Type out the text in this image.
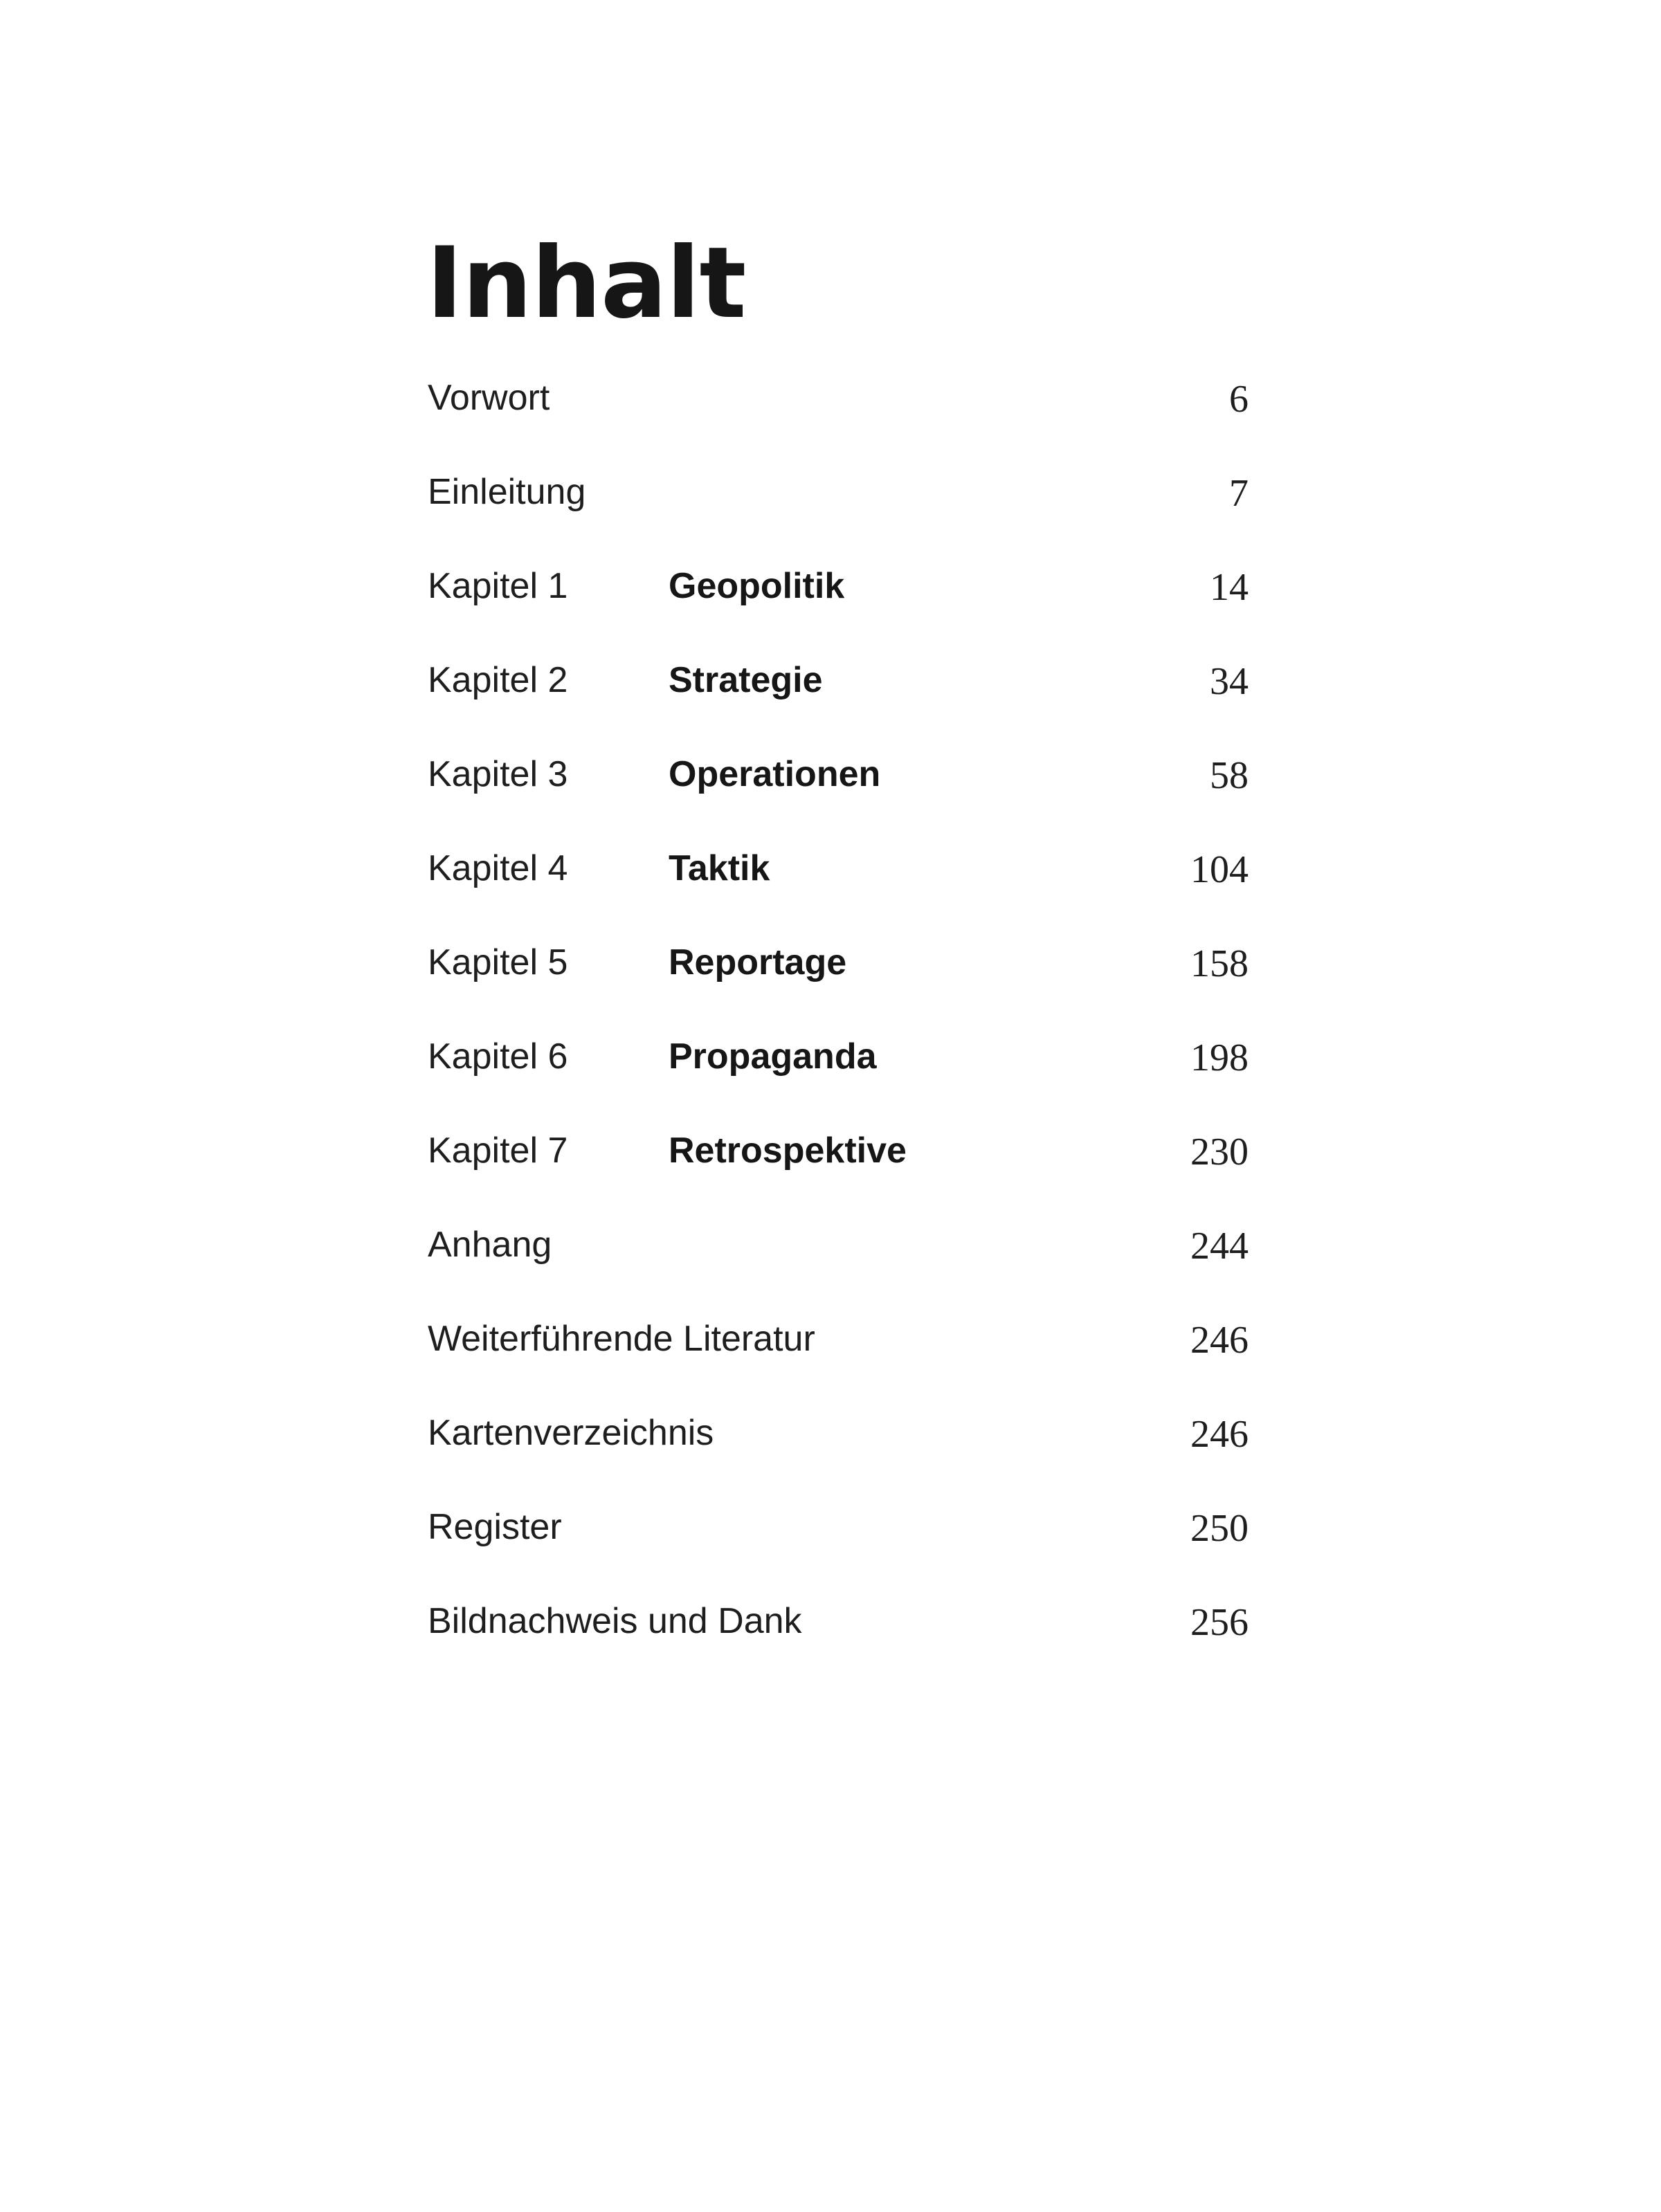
Inhalt
Vorwort	6
Einleitung	7
Kapitel 1	Geopolitik	14
Kapitel 2	Strategie	34
Kapitel 3	Operationen	58
Kapitel 4	Taktik	104
Kapitel 5	Reportage	158
Kapitel 6	Propaganda	198
Kapitel 7	Retrospektive	230
Anhang	244
Weiterführende Literatur	246
Kartenverzeichnis	246
Register	250
Bildnachweis und Dank	256
